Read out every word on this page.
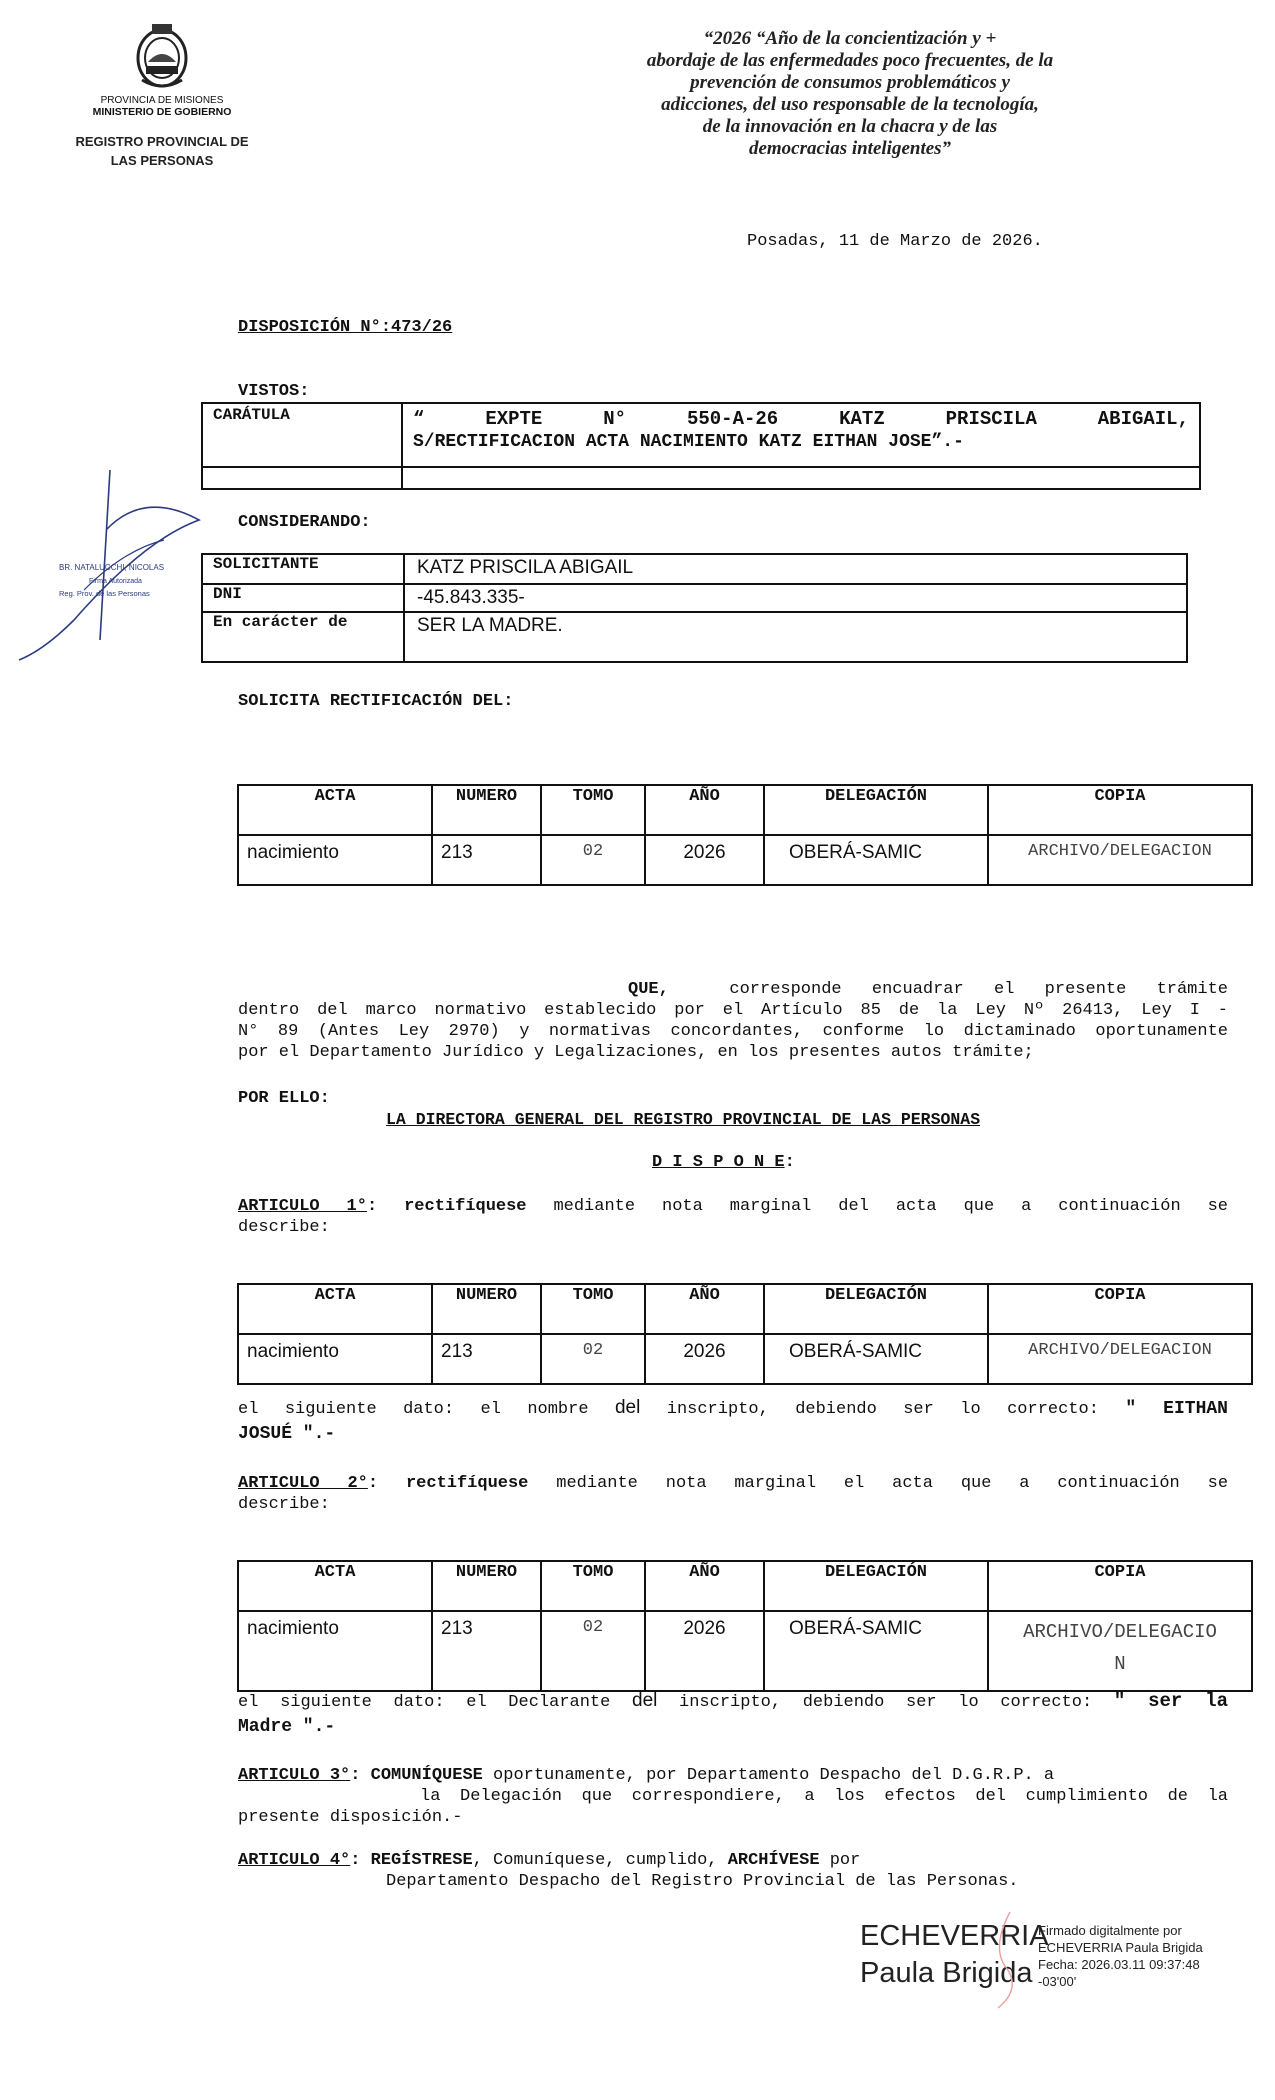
PROVINCIA DE MISIONES
MINISTERIO DE GOBIERNO
REGISTRO PROVINCIAL DE
LAS PERSONAS
“2026 “Año de la concientización y +
abordaje de las enfermedades poco frecuentes, de la
prevención de consumos problemáticos y
adicciones, del uso responsable de la tecnología,
de la innovación en la chacra y de las
democracias inteligentes”
Posadas, 11 de Marzo de 2026.
DISPOSICIÓN N°:473/26
VISTOS:
CARÁTULA	“ EXPTE N° 550-A-26 KATZ PRISCILA ABIGAIL,
S/RECTIFICACION ACTA NACIMIENTO KATZ EITHAN JOSE”.-

BR. NATALUCCHI, NICOLAS
Firma Autorizada
Reg. Prov. de las Personas
CONSIDERANDO:
SOLICITANTE	KATZ PRISCILA ABIGAIL
DNI	-45.843.335-
En carácter de	SER LA MADRE.
SOLICITA RECTIFICACIÓN DEL:
ACTA	NUMERO	TOMO	AÑO	DELEGACIÓN	COPIA
nacimiento	213	02	2026	OBERÁ-SAMIC	ARCHIVO/DELEGACION
QUE,	corresponde encuadrar el presente trámite
dentro del marco normativo establecido por el Artículo 85 de la Ley Nº 26413, Ley I -
N° 89 (Antes Ley 2970) y normativas concordantes, conforme lo dictaminado oportunamente
por el Departamento Jurídico y Legalizaciones, en los presentes autos trámite;
POR ELLO:
LA DIRECTORA GENERAL DEL REGISTRO PROVINCIAL DE LAS PERSONAS
D I S P O N E:
ARTICULO 1°: rectifíquese mediante nota marginal del acta que a continuación se
describe:
ACTA	NUMERO	TOMO	AÑO	DELEGACIÓN	COPIA
nacimiento	213	02	2026	OBERÁ-SAMIC	ARCHIVO/DELEGACION
el siguiente dato: el nombre del inscripto, debiendo ser lo correcto: " EITHAN
JOSUÉ ".-
ARTICULO 2°: rectifíquese mediante nota marginal el acta que a continuación se
describe:
ACTA	NUMERO	TOMO	AÑO	DELEGACIÓN	COPIA
nacimiento	213	02	2026	OBERÁ-SAMIC	ARCHIVO/DELEGACIO
N
el siguiente dato: el Declarante del inscripto, debiendo ser lo correcto: " ser la
Madre ".-
ARTICULO 3°: COMUNÍQUESE oportunamente, por Departamento Despacho del D.G.R.P. a
la Delegación que correspondiere, a los efectos del cumplimiento de la
presente disposición.-
ARTICULO 4°: REGÍSTRESE, Comuníquese, cumplido, ARCHÍVESE por
Departamento Despacho del Registro Provincial de las Personas.
ECHEVERRIA
Paula Brigida
Firmado digitalmente por
ECHEVERRIA Paula Brigida
Fecha: 2026.03.11 09:37:48
-03'00'
